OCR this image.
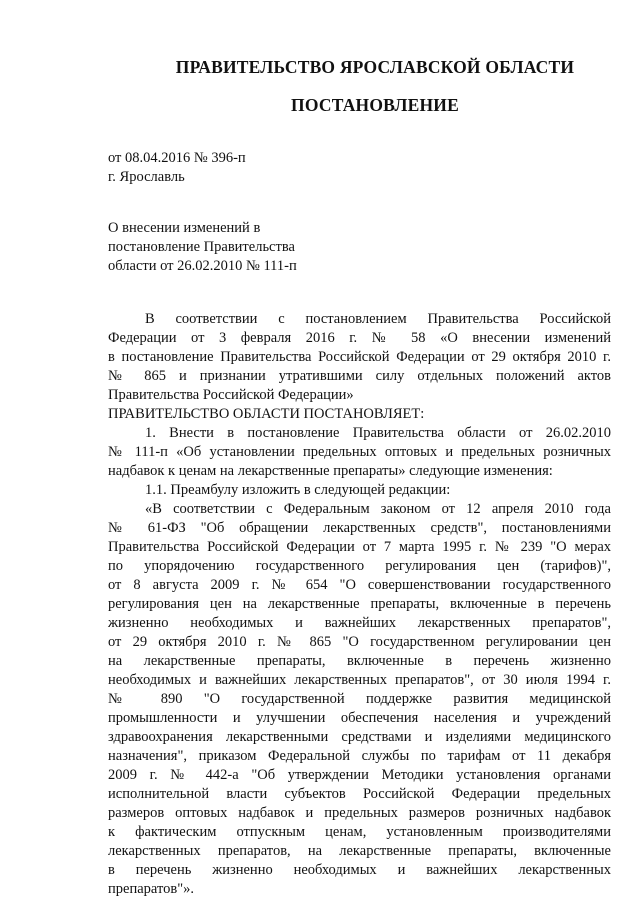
ПРАВИТЕЛЬСТВО ЯРОСЛАВСКОЙ ОБЛАСТИ
ПОСТАНОВЛЕНИЕ
от 08.04.2016 № 396-п
г. Ярославль
О внесении изменений в
постановление Правительства
области от 26.02.2010 № 111-п
В соответствии с постановлением Правительства Российской
Федерации от 3 февраля 2016 г. № 58 «О внесении изменений
в постановление Правительства Российской Федерации от 29 октября 2010 г.
№ 865 и признании утратившими силу отдельных положений актов
Правительства Российской Федерации»
ПРАВИТЕЛЬСТВО ОБЛАСТИ ПОСТАНОВЛЯЕТ:
1. Внести в постановление Правительства области от 26.02.2010
№ 111-п «Об установлении предельных оптовых и предельных розничных
надбавок к ценам на лекарственные препараты» следующие изменения:
1.1. Преамбулу изложить в следующей редакции:
«В соответствии с Федеральным законом от 12 апреля 2010 года
№ 61-ФЗ "Об обращении лекарственных средств", постановлениями
Правительства Российской Федерации от 7 марта 1995 г. № 239 "О мерах
по упорядочению государственного регулирования цен (тарифов)",
от 8 августа 2009 г. № 654 "О совершенствовании государственного
регулирования цен на лекарственные препараты, включенные в перечень
жизненно необходимых и важнейших лекарственных препаратов",
от 29 октября 2010 г. № 865 "О государственном регулировании цен
на лекарственные препараты, включенные в перечень жизненно
необходимых и важнейших лекарственных препаратов", от 30 июля 1994 г.
№ 890 "О государственной поддержке развития медицинской
промышленности и улучшении обеспечения населения и учреждений
здравоохранения лекарственными средствами и изделиями медицинского
назначения", приказом Федеральной службы по тарифам от 11 декабря
2009 г. № 442-а "Об утверждении Методики установления органами
исполнительной власти субъектов Российской Федерации предельных
размеров оптовых надбавок и предельных размеров розничных надбавок
к фактическим отпускным ценам, установленным производителями
лекарственных препаратов, на лекарственные препараты, включенные
в перечень жизненно необходимых и важнейших лекарственных
препаратов"».
